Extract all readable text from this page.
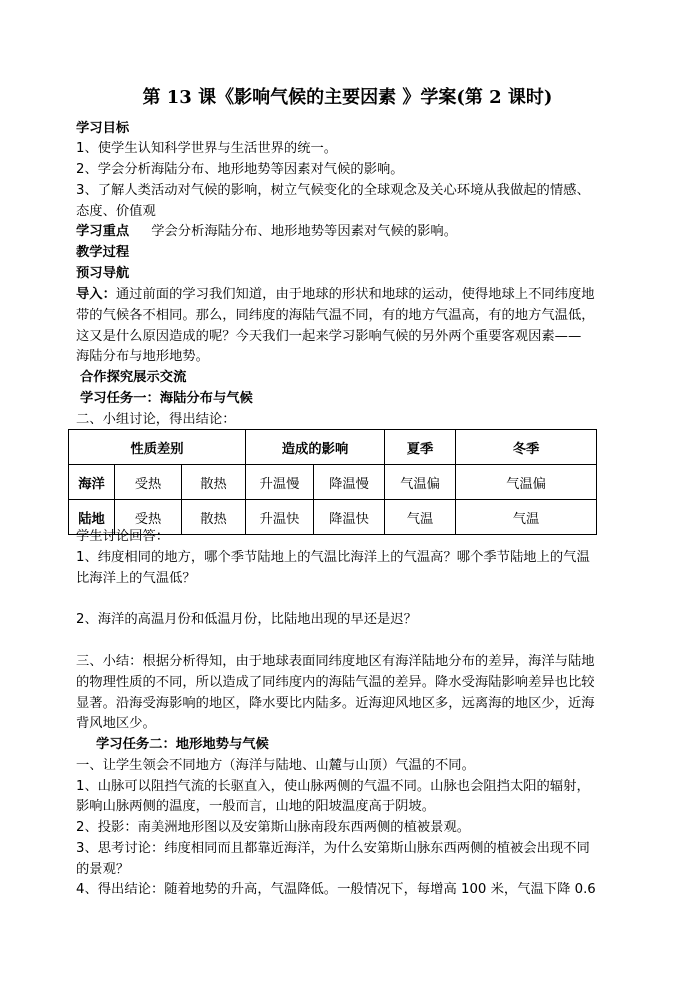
第 13 课《影响气候的主要因素 》学案(第 2 课时)
学习目标
1、使学生认知科学世界与生活世界的统一。
2、学会分析海陆分布、地形地势等因素对气候的影响。
3、了解人类活动对气候的影响，树立气候变化的全球观念及关心环境从我做起的情感、
态度、价值观
学习重点 学会分析海陆分布、地形地势等因素对气候的影响。
教学过程
预习导航
导入：通过前面的学习我们知道，由于地球的形状和地球的运动，使得地球上不同纬度地
带的气候各不相同。那么，同纬度的海陆气温不同，有的地方气温高，有的地方气温低，
这又是什么原因造成的呢？今天我们一起来学习影响气候的另外两个重要客观因素——
海陆分布与地形地势。
合作探究展示交流
学习任务一：海陆分布与气候
二、小组讨论，得出结论：
性质差别			造成的影响		夏季	冬季
海洋	受热	散热	升温慢	降温慢	气温偏	气温偏
陆地	受热	散热	升温快	降温快	气温	气温
学生讨论回答：
1、纬度相同的地方，哪个季节陆地上的气温比海洋上的气温高？哪个季节陆地上的气温
比海洋上的气温低？
2、海洋的高温月份和低温月份，比陆地出现的早还是迟？
三、小结：根据分析得知，由于地球表面同纬度地区有海洋陆地分布的差异，海洋与陆地
的物理性质的不同，所以造成了同纬度内的海陆气温的差异。降水受海陆影响差异也比较
显著。沿海受海影响的地区，降水要比内陆多。近海迎风地区多，远离海的地区少，近海
背风地区少。
学习任务二：地形地势与气候
一、让学生领会不同地方（海洋与陆地、山麓与山顶）气温的不同。
1、山脉可以阻挡气流的长驱直入，使山脉两侧的气温不同。山脉也会阻挡太阳的辐射，
影响山脉两侧的温度，一般而言，山地的阳坡温度高于阴坡。
2、投影：南美洲地形图以及安第斯山脉南段东西两侧的植被景观。
3、思考讨论：纬度相同而且都靠近海洋，为什么安第斯山脉东西两侧的植被会出现不同
的景观？
4、得出结论：随着地势的升高，气温降低。一般情况下，每增高 100 米，气温下降 0.6
